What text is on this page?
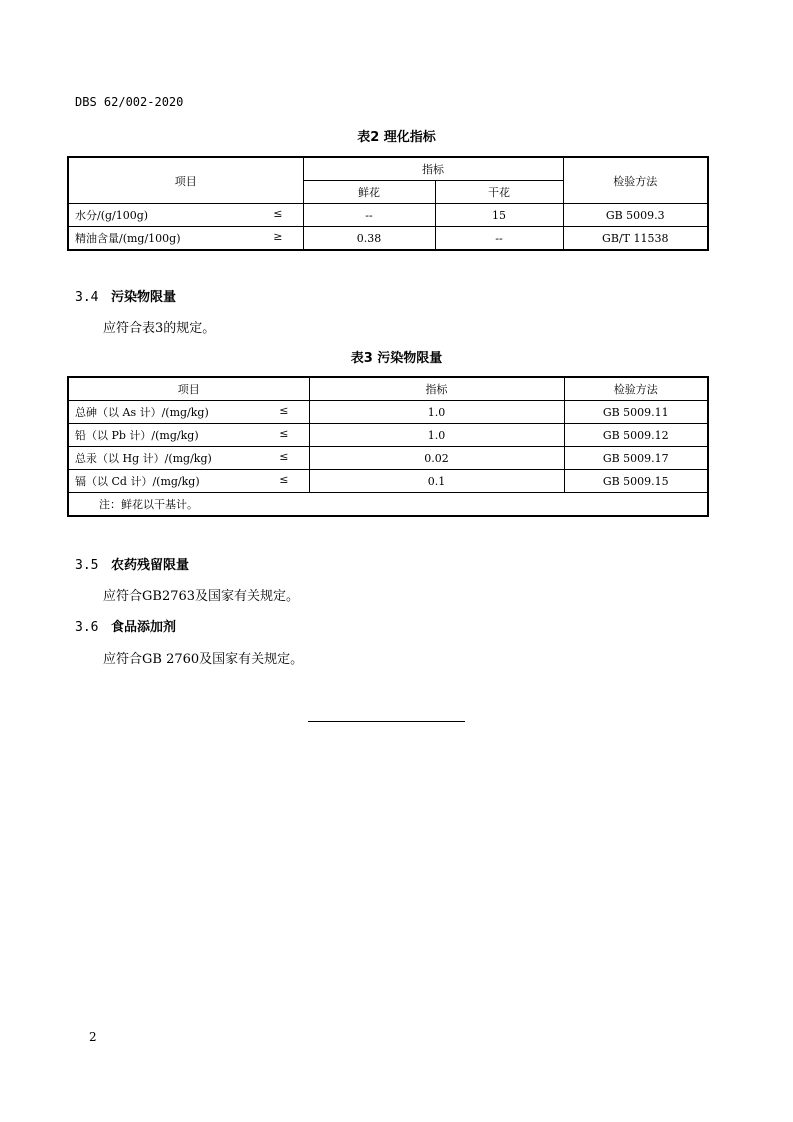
DBS 62/002-2020
表2 理化指标
项目	指标		检验方法
	鲜花	干花	
水分/(g/100g) ≤	--	15	GB 5009.3
精油含量/(mg/100g) ≥	0.38	--	GB/T 11538
3.4 污染物限量
应符合表3的规定。
表3 污染物限量
项目	指标	检验方法
总砷（以 As 计）/(mg/kg) ≤	1.0	GB 5009.11
铅（以 Pb 计）/(mg/kg) ≤	1.0	GB 5009.12
总汞（以 Hg 计）/(mg/kg) ≤	0.02	GB 5009.17
镉（以 Cd 计）/(mg/kg) ≤	0.1	GB 5009.15
注：鲜花以干基计。		
3.5 农药残留限量
应符合GB2763及国家有关规定。
3.6 食品添加剂
应符合GB 2760及国家有关规定。
2
